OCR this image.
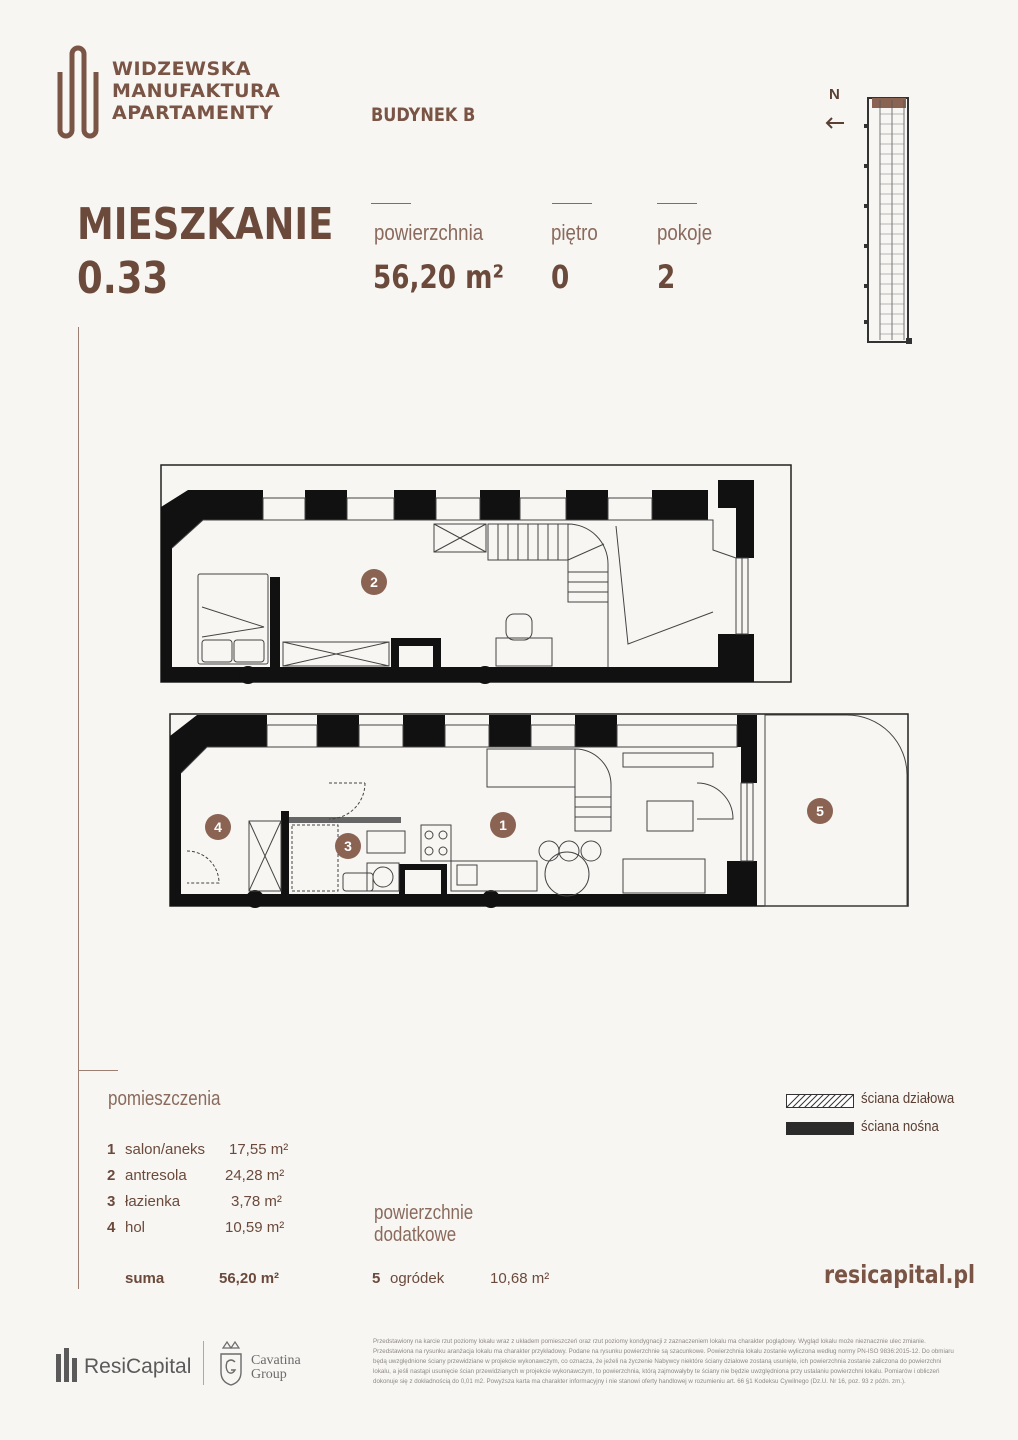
WIDZEWSKA
MANUFAKTURA
APARTAMENTY	BUDYNEK B
N
MIESZKANIE
0.33
powierzchnia
56,20 m²
piętro
0
pokoje
2
2
4
3
1
5
pomieszczenia
1 salon/aneks 17,55 m²
2 antresola	24,28 m²
3 łazienka	3,78 m²
4 hol	10,59 m²
suma	56,20 m²
powierzchnie
dodatkowe
5 ogródek	10,68 m²
ściana działowa
ściana nośna
resicapital.pl
ResiCapital	Cavatina
Group
Przedstawiony na karcie rzut poziomy lokalu wraz z układem pomieszczeń oraz rzut poziomy kondygnacji z zaznaczeniem lokalu ma charakter poglądowy. Wygląd lokalu może nieznacznie ulec zmianie. Przedstawiona na rysunku aranżacja lokalu ma charakter przykładowy. Podane na rysunku powierzchnie są szacunkowe. Powierzchnia lokalu zostanie wyliczona według normy PN-ISO 9836:2015-12. Do obmiaru będą uwzględnione ściany przewidziane w projekcie wykonawczym, co oznacza, że jeżeli na życzenie Nabywcy niektóre ściany działowe zostaną usunięte, ich powierzchnia zostanie zaliczona do powierzchni lokalu, a jeśli nastąpi usunięcie ścian przewidzianych w projekcie wykonawczym, to powierzchnia, którą zajmowałyby te ściany nie będzie uwzględniona przy ustalaniu powierzchni lokalu. Pomiarów i obliczeń dokonuje się z dokładnością do 0,01 m2. Powyższa karta ma charakter informacyjny i nie stanowi oferty handlowej w rozumieniu art. 66 §1 Kodeksu Cywilnego (Dz.U. Nr 16, poz. 93 z późn. zm.).
